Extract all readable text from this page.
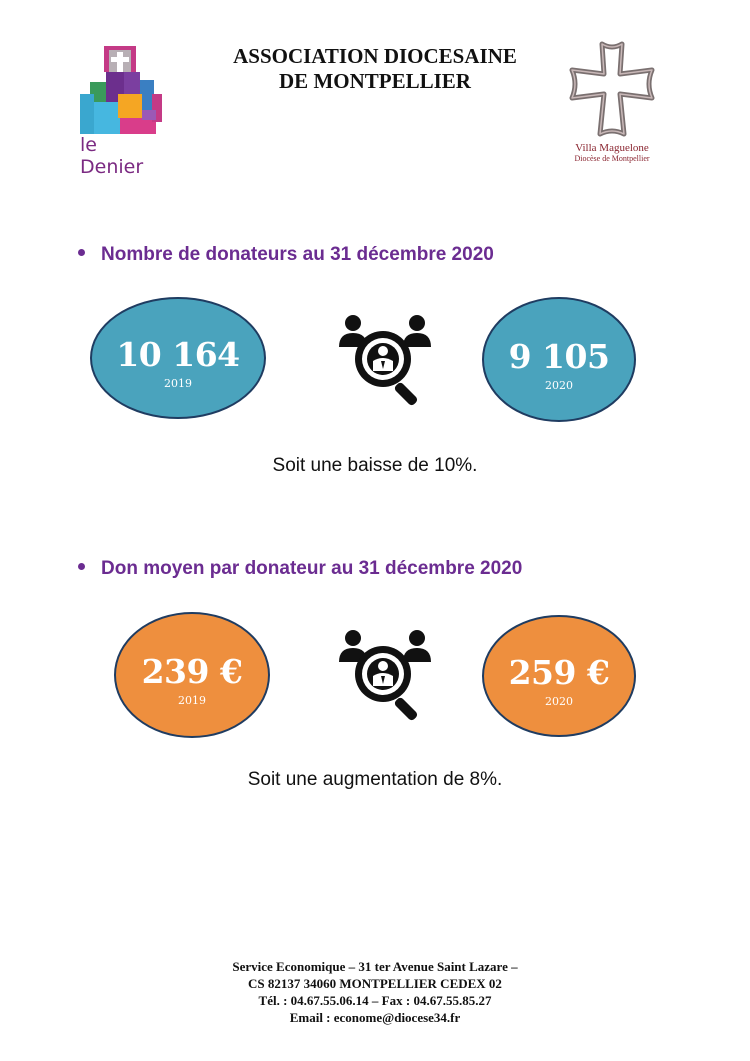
le Denier
ASSOCIATION DIOCESAINE
DE MONTPELLIER
Villa Maguelone
Diocèse de Montpellier
Nombre de donateurs au 31 décembre 2020
10 164
2019
9 105
2020
Soit une baisse de 10%.
Don moyen par donateur au 31 décembre 2020
239 €
2019
259 €
2020
Soit une augmentation de 8%.
Service Economique – 31 ter Avenue Saint Lazare –
CS 82137 34060 MONTPELLIER CEDEX 02
Tél. : 04.67.55.06.14 – Fax : 04.67.55.85.27
Email : econome@diocese34.fr
